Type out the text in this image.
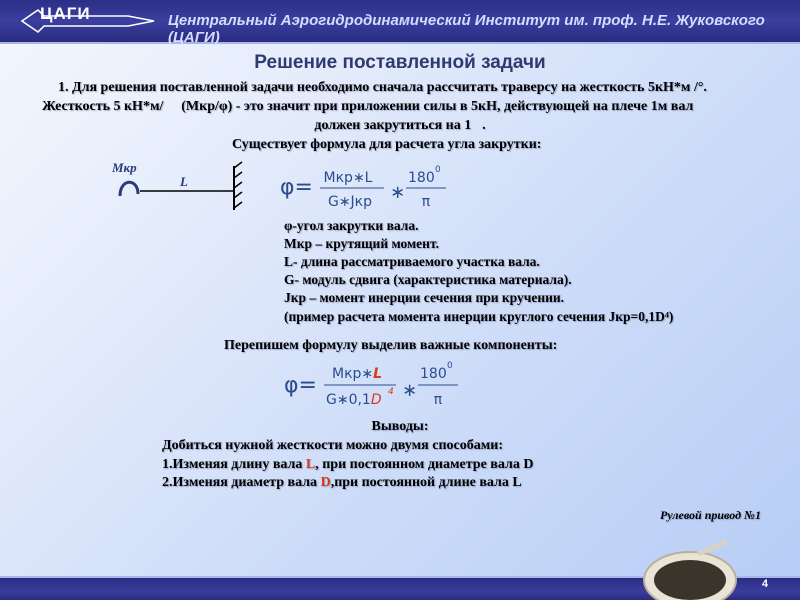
ЦАГИ	Центральный Аэрогидродинамический Институт им. проф. Н.Е. Жуковского (ЦАГИ)
Решение поставленной задачи
1. Для решения поставленной задачи необходимо сначала рассчитать траверсу на жесткость 5кН*м /°.
Жесткость 5 кН*м/ ⃣ (Мкр/φ) - это значит при приложении силы в 5кН, действующей на плече 1м вал
должен закрутиться на 1⃣.
Существует формула для расчета угла закрутки:
Мкр
L	φ= Мкр∗L
G∗Jкр ∗
180 0
π
φ-угол закрутки вала.
Мкр – крутящий момент.
L- длина рассматриваемого участка вала.
G- модуль сдвига (характеристика материала).
Jкр – момент инерции сечения при кручении.
(пример расчета момента инерции круглого сечения Jкр=0,1D⁴)
Перепишем формулу выделив важные компоненты:
φ= Мкр∗L
G∗0,1D 4 ∗
180 0
π
Выводы:
Добиться нужной жесткости можно двумя способами:
1.Изменяя длину вала L, при постоянном диаметре вала D
2.Изменяя диаметр вала D,при постоянной длине вала L
Рулевой привод №1
4
